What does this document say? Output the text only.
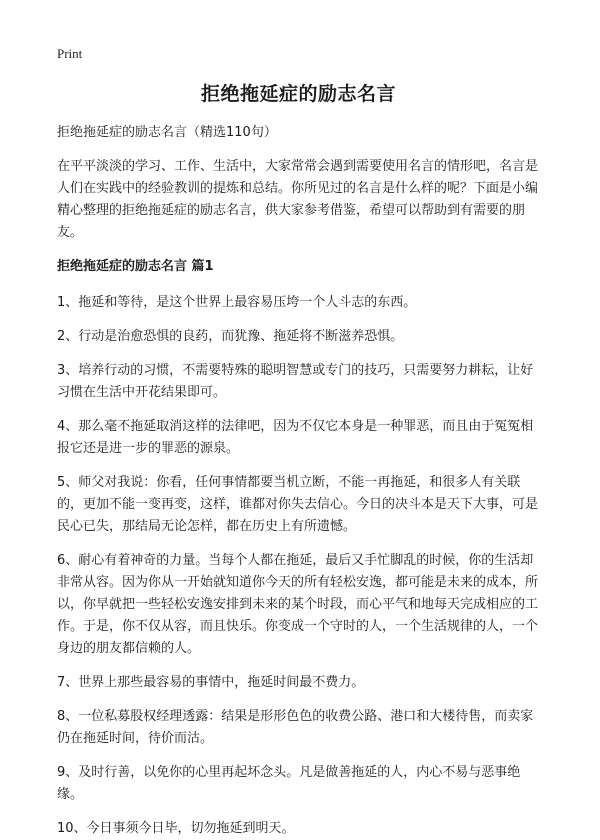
Print
拒绝拖延症的励志名言

拒绝拖延症的励志名言（精选110句）

在平平淡淡的学习、工作、生活中，大家常常会遇到需要使用名言的情形吧，名言是人们在实践中的经验教训的提炼和总结。你所见过的名言是什么样的呢？下面是小编精心整理的拒绝拖延症的励志名言，供大家参考借鉴，希望可以帮助到有需要的朋友。

拒绝拖延症的励志名言 篇1

1、拖延和等待，是这个世界上最容易压垮一个人斗志的东西。

2、行动是治愈恐惧的良药，而犹豫、拖延将不断滋养恐惧。

3、培养行动的习惯，不需要特殊的聪明智慧或专门的技巧，只需要努力耕耘，让好习惯在生活中开花结果即可。

4、那么毫不拖延取消这样的法律吧，因为不仅它本身是一种罪恶，而且由于冤冤相报它还是进一步的罪恶的源泉。

5、师父对我说：你看，任何事情都要当机立断，不能一再拖延，和很多人有关联的，更加不能一变再变，这样，谁都对你失去信心。今日的决斗本是天下大事，可是民心已失，那结局无论怎样，都在历史上有所遗憾。

6、耐心有着神奇的力量。当每个人都在拖延，最后又手忙脚乱的时候，你的生活却非常从容。因为你从一开始就知道你今天的所有轻松安逸，都可能是未来的成本，所以，你早就把一些轻松安逸安排到未来的某个时段，而心平气和地每天完成相应的工作。于是，你不仅从容，而且快乐。你变成一个守时的人，一个生活规律的人，一个身边的朋友都信赖的人。

7、世界上那些最容易的事情中，拖延时间最不费力。

8、一位私募股权经理透露：结果是形形色色的收费公路、港口和大楼待售，而卖家仍在拖延时间，待价而沽。

9、及时行善，以免你的心里再起坏念头。凡是做善拖延的人，内心不易与恶事绝缘。

10、今日事须今日毕，切勿拖延到明天。
